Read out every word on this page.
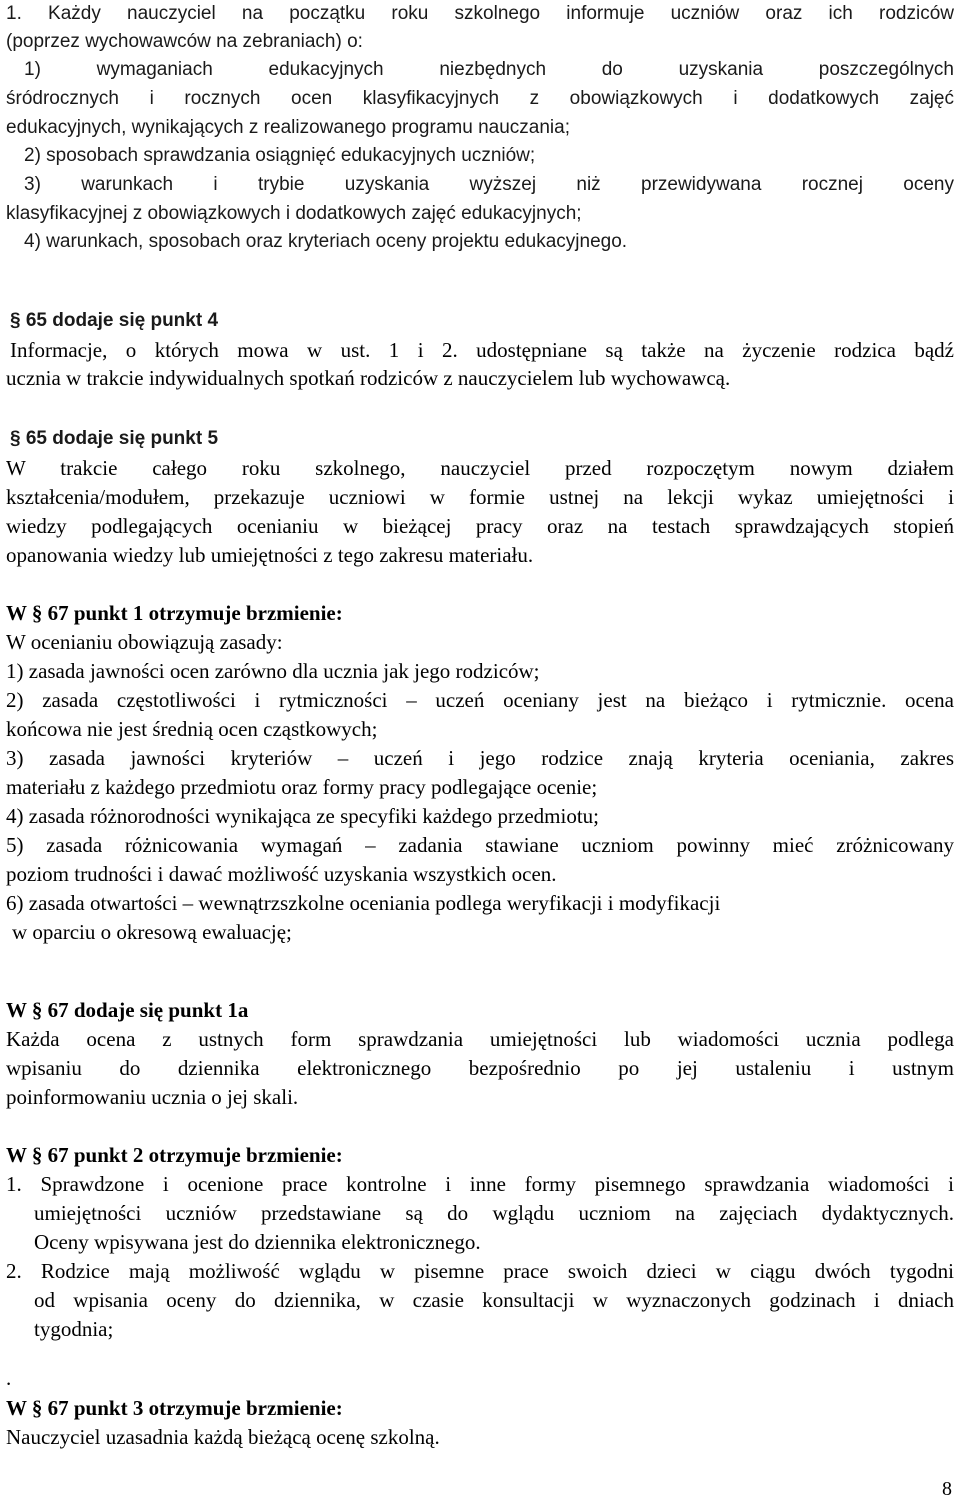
1. Każdy nauczyciel na początku roku szkolnego informuje uczniów oraz ich rodziców
(poprzez wychowawców na zebraniach) o:
1) wymaganiach edukacyjnych niezbędnych do uzyskania poszczególnych
śródrocznych i rocznych ocen klasyfikacyjnych z obowiązkowych i dodatkowych zajęć
edukacyjnych, wynikających z realizowanego programu nauczania;
2) sposobach sprawdzania osiągnięć edukacyjnych uczniów;
3) warunkach i trybie uzyskania wyższej niż przewidywana rocznej oceny
klasyfikacyjnej z obowiązkowych i dodatkowych zajęć edukacyjnych;
4) warunkach, sposobach oraz kryteriach oceny projektu edukacyjnego.
§ 65 dodaje się punkt 4
Informacje, o których mowa w ust. 1 i 2. udostępniane są także na życzenie rodzica bądź
ucznia w trakcie indywidualnych spotkań rodziców z nauczycielem lub wychowawcą.
§ 65 dodaje się punkt 5
W trakcie całego roku szkolnego, nauczyciel przed rozpoczętym nowym działem
kształcenia/modułem, przekazuje uczniowi w formie ustnej na lekcji wykaz umiejętności i
wiedzy podlegających ocenianiu w bieżącej pracy oraz na testach sprawdzających stopień
opanowania wiedzy lub umiejętności z tego zakresu materiału.
W § 67 punkt 1 otrzymuje brzmienie:
W ocenianiu obowiązują zasady:
1) zasada jawności ocen zarówno dla ucznia jak jego rodziców;
2) zasada częstotliwości i rytmiczności – uczeń oceniany jest na bieżąco i rytmicznie. ocena
końcowa nie jest średnią ocen cząstkowych;
3) zasada jawności kryteriów – uczeń i jego rodzice znają kryteria oceniania, zakres
materiału z każdego przedmiotu oraz formy pracy podlegające ocenie;
4) zasada różnorodności wynikająca ze specyfiki każdego przedmiotu;
5) zasada różnicowania wymagań – zadania stawiane uczniom powinny mieć zróżnicowany
poziom trudności i dawać możliwość uzyskania wszystkich ocen.
6) zasada otwartości – wewnątrzszkolne oceniania podlega weryfikacji i modyfikacji
w oparciu o okresową ewaluację;
W § 67 dodaje się punkt 1a
Każda ocena z ustnych form sprawdzania umiejętności lub wiadomości ucznia podlega
wpisaniu do dziennika elektronicznego bezpośrednio po jej ustaleniu i ustnym
poinformowaniu ucznia o jej skali.
W § 67 punkt 2 otrzymuje brzmienie:
1. Sprawdzone i ocenione prace kontrolne i inne formy pisemnego sprawdzania wiadomości i
umiejętności uczniów przedstawiane są do wglądu uczniom na zajęciach dydaktycznych.
Oceny wpisywana jest do dziennika elektronicznego.
2. Rodzice mają możliwość wglądu w pisemne prace swoich dzieci w ciągu dwóch tygodni
od wpisania oceny do dziennika, w czasie konsultacji w wyznaczonych godzinach i dniach
tygodnia;
.
W § 67 punkt 3 otrzymuje brzmienie:
Nauczyciel uzasadnia każdą bieżącą ocenę szkolną.
8
